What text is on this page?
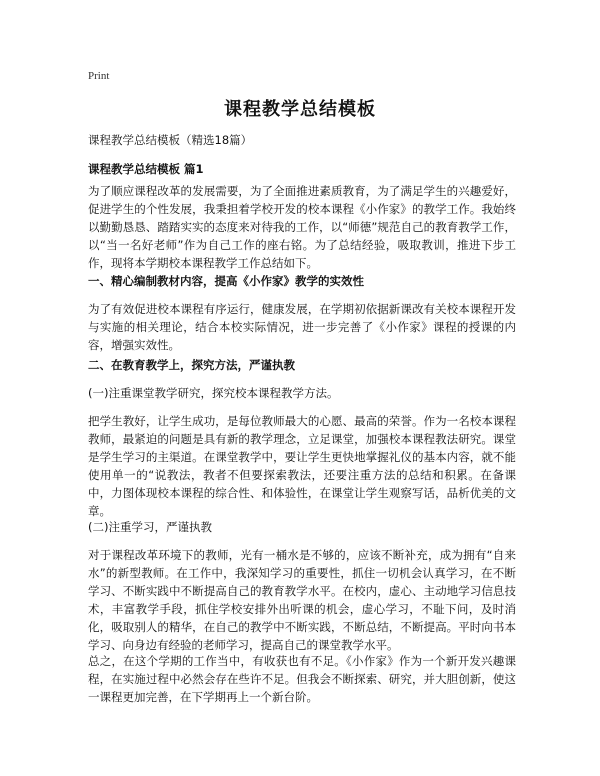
Print
课程教学总结模板
课程教学总结模板（精选18篇）
课程教学总结模板 篇1

为了顺应课程改革的发展需要，为了全面推进素质教育，为了满足学生的兴趣爱好，促进学生的个性发展，我秉担着学校开发的校本课程《小作家》的教学工作。我始终以勤勤恳恳、踏踏实实的态度来对待我的工作，以“师德”规范自己的教育教学工作，以“当一名好老师”作为自己工作的座右铭。为了总结经验，吸取教训，推进下步工作，现将本学期校本课程教学工作总结如下。

一、精心编制教材内容，提高《小作家》教学的实效性

为了有效促进校本课程有序运行，健康发展，在学期初依据新课改有关校本课程开发与实施的相关理论，结合本校实际情况，进一步完善了《小作家》课程的授课的内容，增强实效性。

二、在教育教学上，探究方法，严谨执教
(一)注重课堂教学研究，探究校本课程教学方法。

把学生教好，让学生成功，是每位教师最大的心愿、最高的荣誉。作为一名校本课程教师，最紧迫的问题是具有新的教学理念，立足课堂，加强校本课程教法研究。课堂是学生学习的主渠道。在课堂教学中，要让学生更快地掌握礼仪的基本内容，就不能使用单一的“说教法，教者不但要探索教法，还要注重方法的总结和积累。在备课中，力图体现校本课程的综合性、和体验性，在课堂让学生观察写话，品析优美的文章。

(二)注重学习，严谨执教

对于课程改革环境下的教师，光有一桶水是不够的，应该不断补充，成为拥有“自来水”的新型教师。在工作中，我深知学习的重要性，抓住一切机会认真学习，在不断学习、不断实践中不断提高自己的教育教学水平。在校内，虚心、主动地学习信息技术，丰富教学手段，抓住学校安排外出听课的机会，虚心学习，不耻下问，及时消化，吸取别人的精华，在自己的教学中不断实践，不断总结，不断提高。平时向书本学习、向身边有经验的老师学习，提高自己的课堂教学水平。

总之，在这个学期的工作当中，有收获也有不足。《小作家》作为一个新开发兴趣课程，在实施过程中必然会存在些许不足。但我会不断探索、研究，并大胆创新，使这一课程更加完善，在下学期再上一个新台阶。
